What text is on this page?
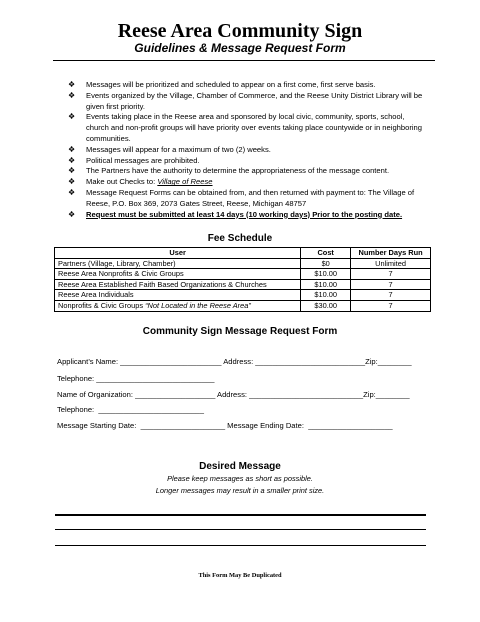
Reese Area Community Sign
Guidelines & Message Request Form
❖ Messages will be prioritized and scheduled to appear on a first come, first serve basis.
❖ Events organized by the Village, Chamber of Commerce, and the Reese Unity District Library will be given first priority.
❖ Events taking place in the Reese area and sponsored by local civic, community, sports, school, church and non-profit groups will have priority over events taking place countywide or in neighboring communities.
❖ Messages will appear for a maximum of two (2) weeks.
❖ Political messages are prohibited.
❖ The Partners have the authority to determine the appropriateness of the message content.
❖ Make out Checks to: Village of Reese
❖ Message Request Forms can be obtained from, and then returned with payment to: The Village of Reese, P.O. Box 369, 2073 Gates Street, Reese, Michigan 48757
❖ Request must be submitted at least 14 days (10 working days) Prior to the posting date.
Fee Schedule
User	Cost	Number Days Run
Partners (Village, Library, Chamber)	$0	Unlimited
Reese Area Nonprofits & Civic Groups	$10.00	7
Reese Area Established Faith Based Organizations & Churches	$10.00	7
Reese Area Individuals	$10.00	7
Nonprofits & Civic Groups “Not Located in the Reese Area”	$30.00	7
Community Sign Message Request Form
Applicant’s Name: ________________________ Address: __________________________Zip:________
Telephone: ____________________________
Name of Organization: ___________________ Address: ___________________________Zip:________
Telephone:  _________________________
Message Starting Date:  ____________________ Message Ending Date:  ____________________
Desired Message
Please keep messages as short as possible.
Longer messages may result in a smaller print size.
This Form May Be Duplicated
